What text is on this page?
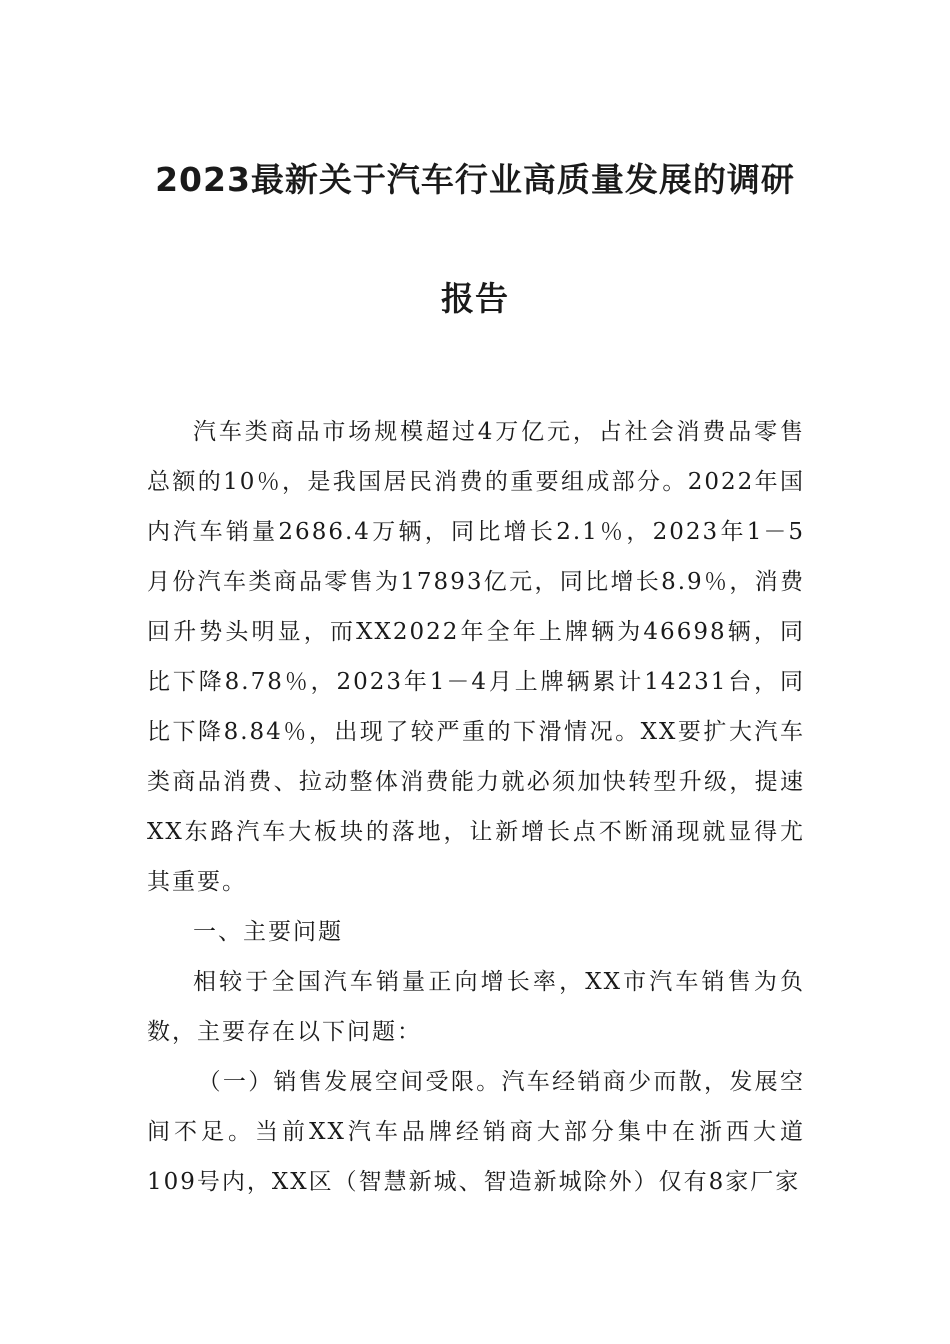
2023最新关于汽车行业高质量发展的调研
报告

汽车类商品市场规模超过4万亿元，占社会消费品零售总额的10％，是我国居民消费的重要组成部分。2022年国内汽车销量2686.4万辆，同比增长2.1％，2023年1－5月份汽车类商品零售为17893亿元，同比增长8.9％，消费回升势头明显，而XX2022年全年上牌辆为46698辆，同比下降8.78％，2023年1－4月上牌辆累计14231台，同比下降8.84％，出现了较严重的下滑情况。XX要扩大汽车类商品消费、拉动整体消费能力就必须加快转型升级，提速XX东路汽车大板块的落地，让新增长点不断涌现就显得尤其重要。

一、主要问题

相较于全国汽车销量正向增长率，XX市汽车销售为负数，主要存在以下问题：

（一）销售发展空间受限。汽车经销商少而散，发展空间不足。当前XX汽车品牌经销商大部分集中在浙西大道109号内，XX区（智慧新城、智造新城除外）仅有8家厂家
